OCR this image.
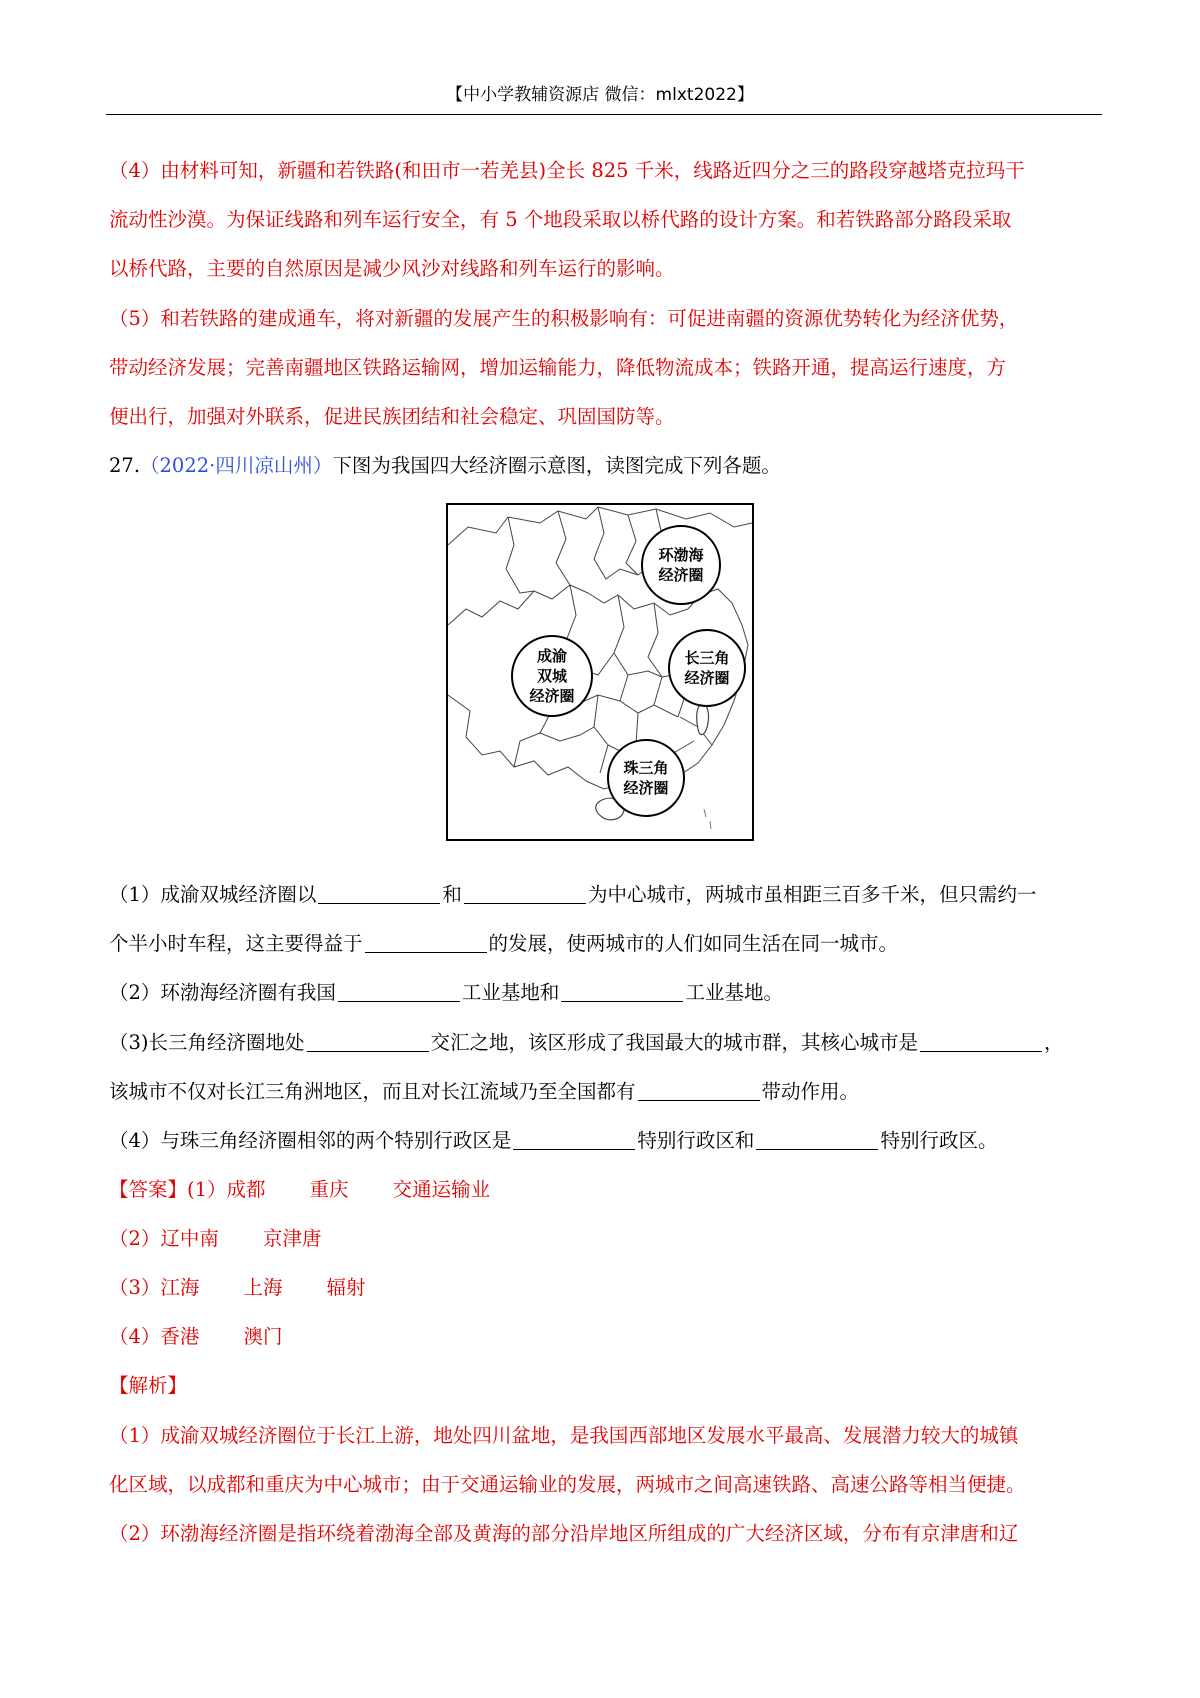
【中小学教辅资源店 微信：mlxt2022】
（4）由材料可知，新疆和若铁路(和田市一若羌县)全长 825 千米，线路近四分之三的路段穿越塔克拉玛干
流动性沙漠。为保证线路和列车运行安全，有 5 个地段采取以桥代路的设计方案。和若铁路部分路段采取
以桥代路，主要的自然原因是减少风沙对线路和列车运行的影响。
（5）和若铁路的建成通车，将对新疆的发展产生的积极影响有：可促进南疆的资源优势转化为经济优势，
带动经济发展；完善南疆地区铁路运输网，增加运输能力，降低物流成本；铁路开通，提高运行速度，方
便出行，加强对外联系，促进民族团结和社会稳定、巩固国防等。
27.（2022·四川凉山州）下图为我国四大经济圈示意图，读图完成下列各题。
环渤海
经济圈
成渝
双城
经济圈
长三角
经济圈
珠三角
经济圈
（1）成渝双城经济圈以	和	为中心城市，两城市虽相距三百多千米，但只需约一
个半小时车程，这主要得益于	的发展，使两城市的人们如同生活在同一城市。
（2）环渤海经济圈有我国	工业基地和	工业基地。
（3)长三角经济圈地处	交汇之地，该区形成了我国最大的城市群，其核心城市是	，
该城市不仅对长江三角洲地区，而且对长江流域乃至全国都有	带动作用。
（4）与珠三角经济圈相邻的两个特别行政区是	特别行政区和	特别行政区。
【答案】(1）成都 重庆 交通运输业
（2）辽中南 京津唐
（3）江海 上海 辐射
（4）香港 澳门
【解析】
（1）成渝双城经济圈位于长江上游，地处四川盆地，是我国西部地区发展水平最高、发展潜力较大的城镇
化区域，以成都和重庆为中心城市；由于交通运输业的发展，两城市之间高速铁路、高速公路等相当便捷。
（2）环渤海经济圈是指环绕着渤海全部及黄海的部分沿岸地区所组成的广大经济区域，分布有京津唐和辽
